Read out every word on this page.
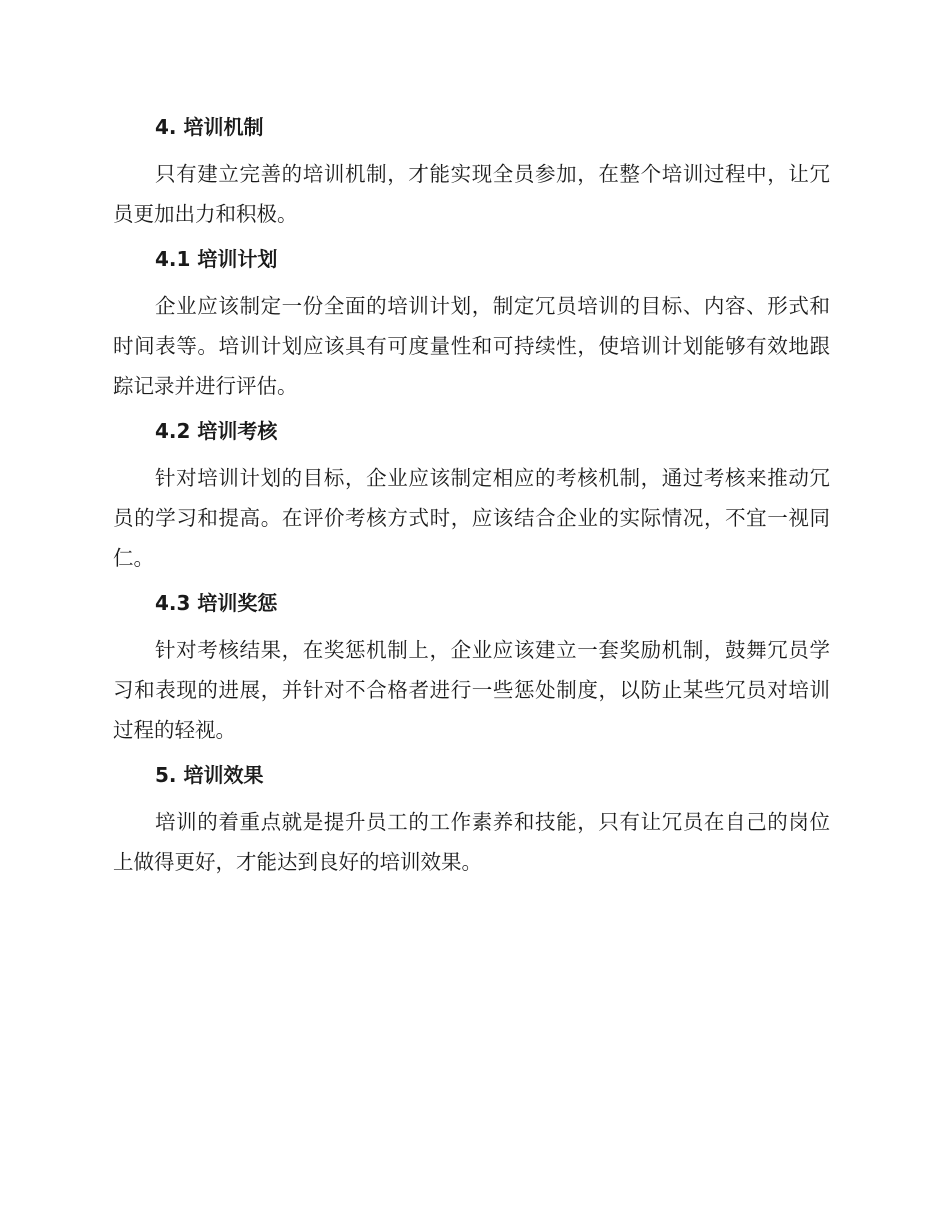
4. 培训机制

只有建立完善的培训机制，才能实现全员参加，在整个培训过程中，让冗员更加出力和积极。

4.1 培训计划

企业应该制定一份全面的培训计划，制定冗员培训的目标、内容、形式和时间表等。培训计划应该具有可度量性和可持续性，使培训计划能够有效地跟踪记录并进行评估。

4.2 培训考核

针对培训计划的目标，企业应该制定相应的考核机制，通过考核来推动冗员的学习和提高。在评价考核方式时，应该结合企业的实际情况，不宜一视同仁。

4.3 培训奖惩

针对考核结果，在奖惩机制上，企业应该建立一套奖励机制，鼓舞冗员学习和表现的进展，并针对不合格者进行一些惩处制度，以防止某些冗员对培训过程的轻视。

5. 培训效果

培训的着重点就是提升员工的工作素养和技能，只有让冗员在自己的岗位上做得更好，才能达到良好的培训效果。
